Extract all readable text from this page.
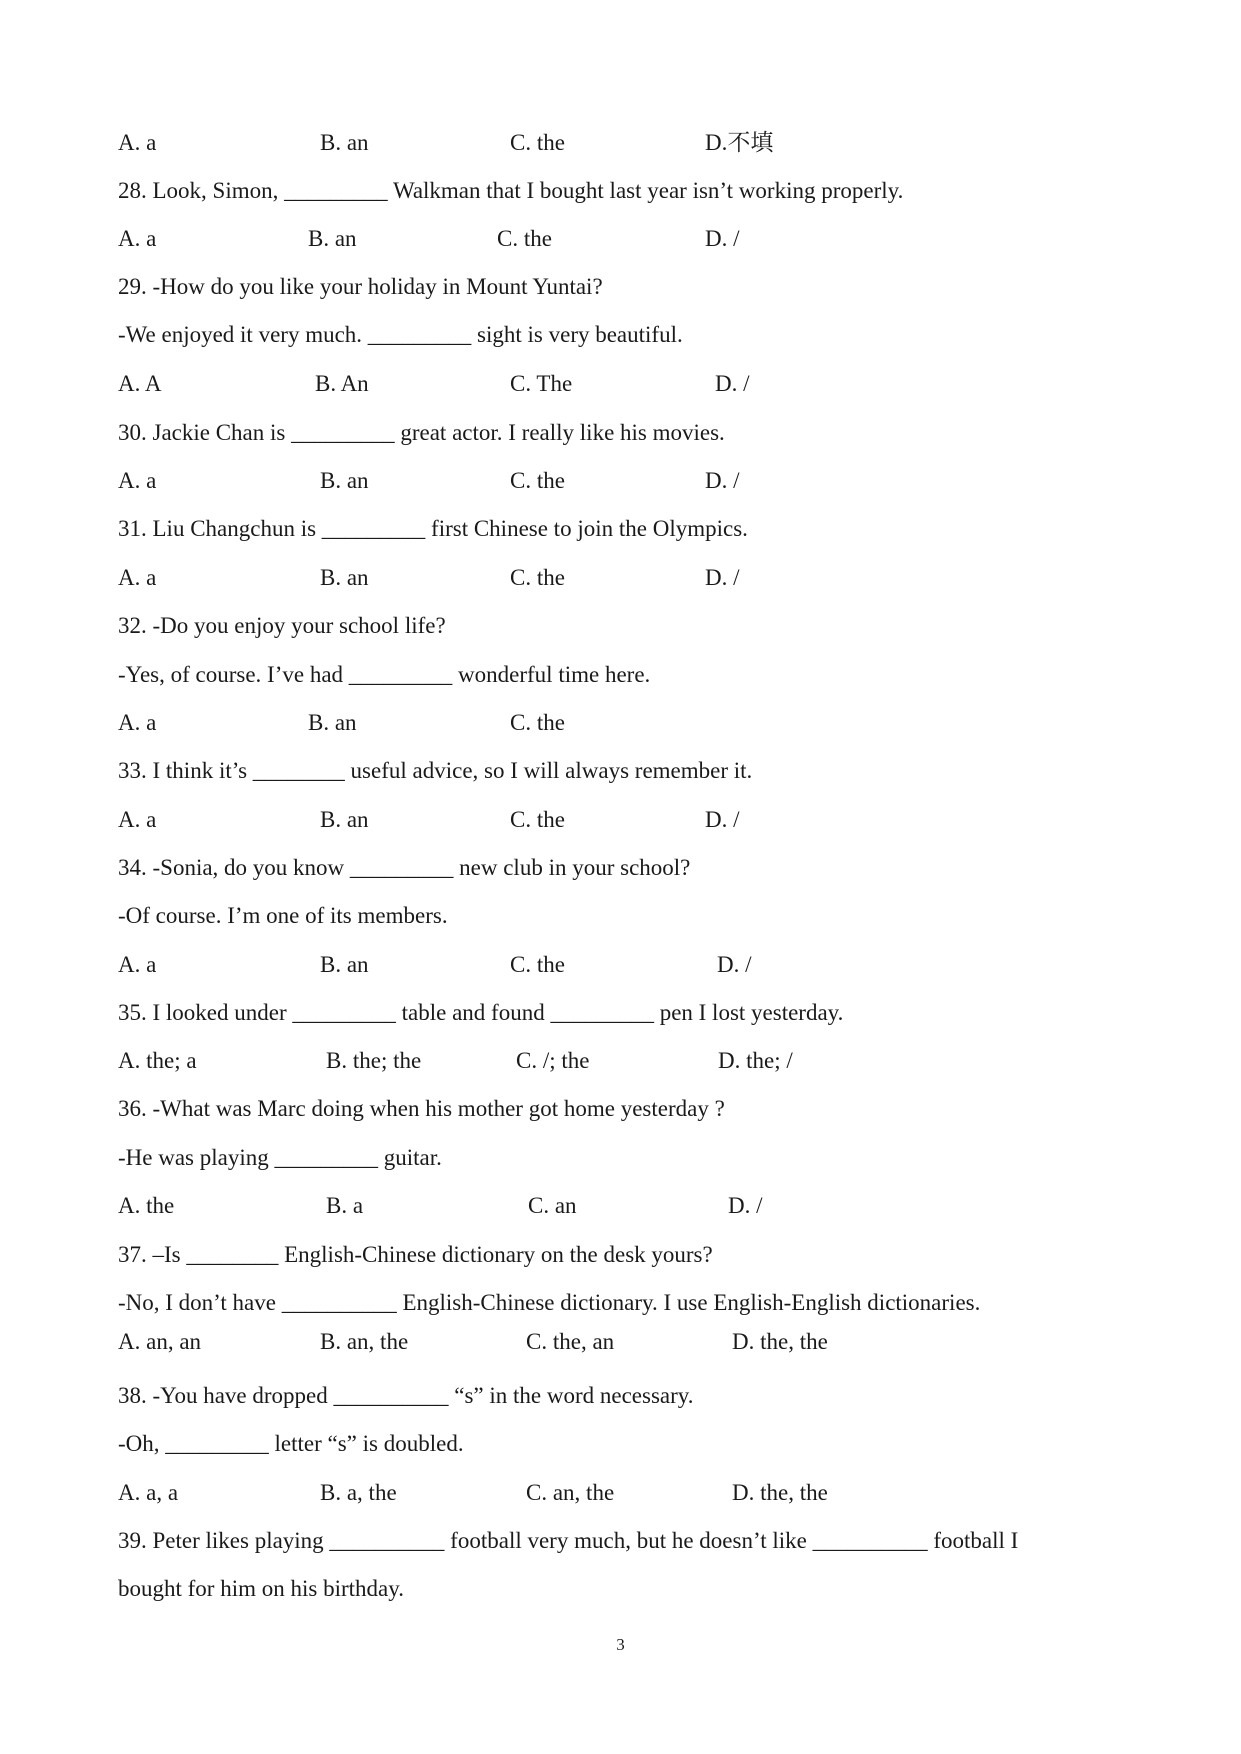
A. a	B. an	C. the	D.不填
28. Look, Simon, _________ Walkman that I bought last year isn’t working properly.
A. a	B. an	C. the	D. /
29. -How do you like your holiday in Mount Yuntai?
-We enjoyed it very much. _________ sight is very beautiful.
A. A	B. An	C. The	D. /
30. Jackie Chan is _________ great actor. I really like his movies.
A. a	B. an	C. the	D. /
31. Liu Changchun is _________ first Chinese to join the Olympics.
A. a	B. an	C. the	D. /
32. -Do you enjoy your school life?
-Yes, of course. I’ve had _________ wonderful time here.
A. a	B. an	C. the
33. I think it’s ________ useful advice, so I will always remember it.
A. a	B. an	C. the	D. /
34. -Sonia, do you know _________ new club in your school?
-Of course. I’m one of its members.
A. a	B. an	C. the	D. /
35. I looked under _________ table and found _________ pen I lost yesterday.
A. the; a	B. the; the	C. /; the	D. the; /
36. -What was Marc doing when his mother got home yesterday ?
-He was playing _________ guitar.
A. the	B. a	C. an	D. /
37. –Is ________ English-Chinese dictionary on the desk yours?
-No, I don’t have __________ English-Chinese dictionary. I use English-English dictionaries.
A. an, an	B. an, the	C. the, an	D. the, the
38. -You have dropped __________ “s” in the word necessary.
-Oh, _________ letter “s” is doubled.
A. a, a	B. a, the	C. an, the	D. the, the
39. Peter likes playing __________ football very much, but he doesn’t like __________ football I
bought for him on his birthday.
3
